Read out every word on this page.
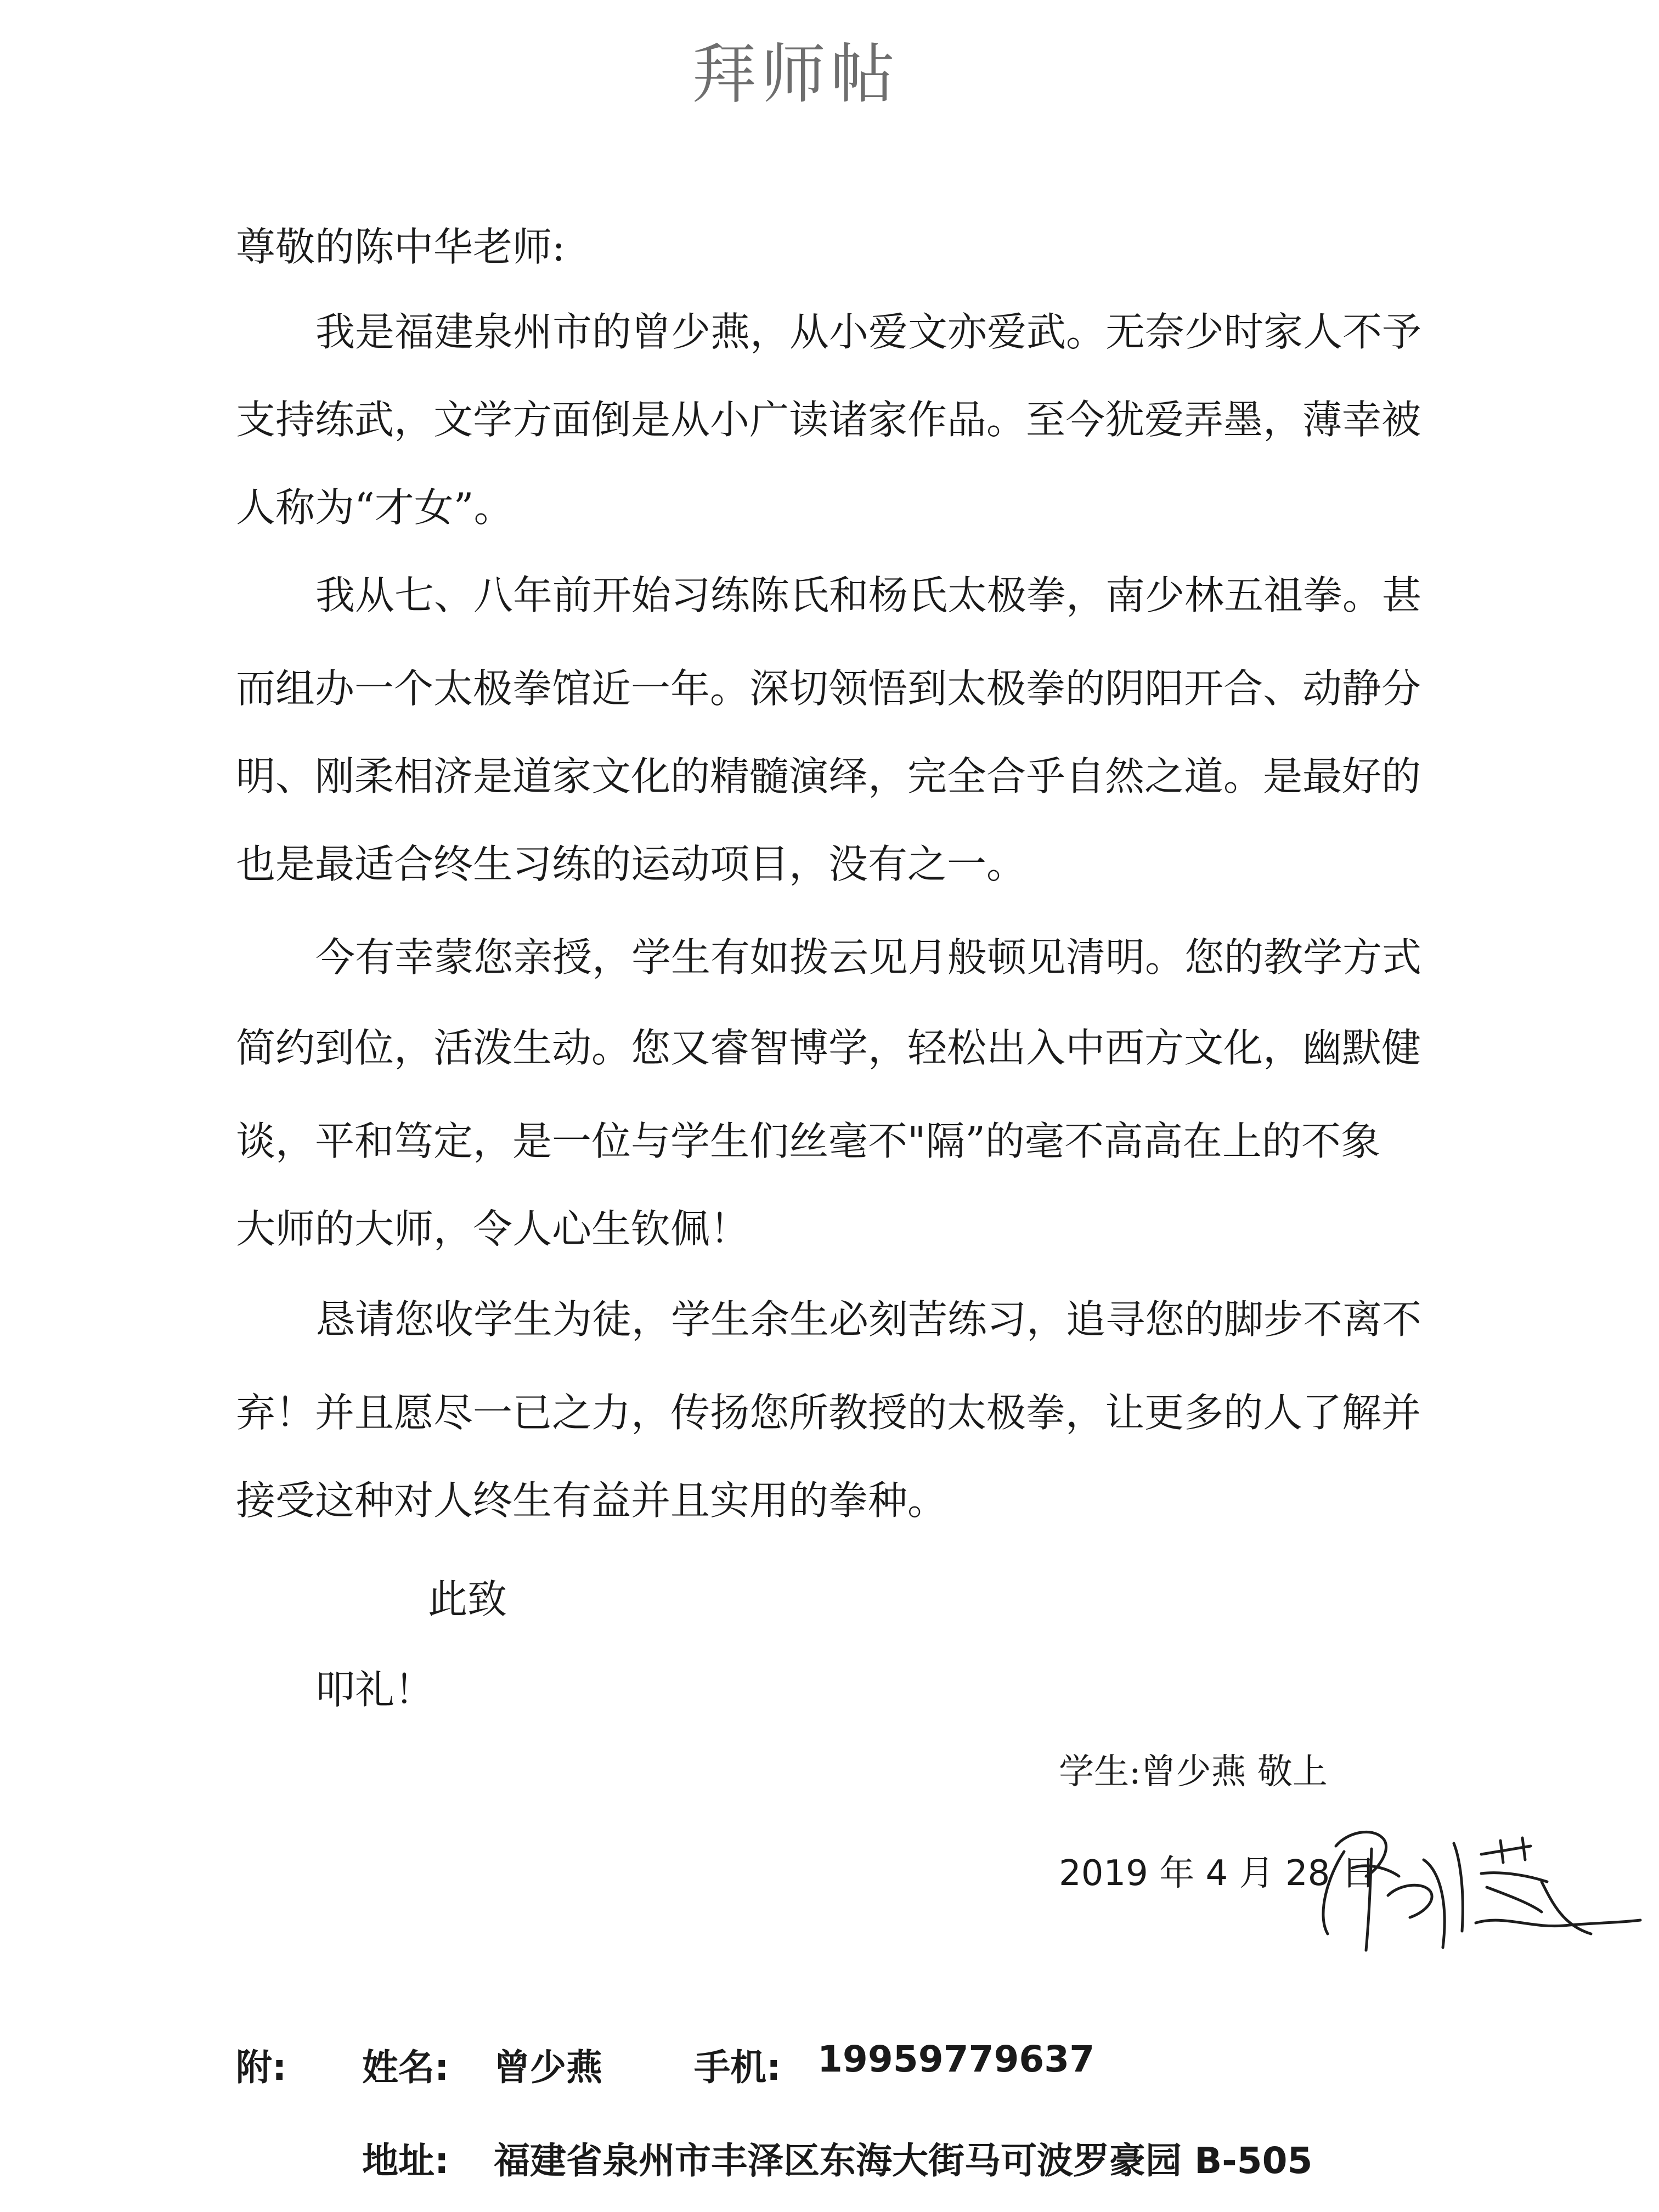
拜师帖
尊敬的陈中华老师:
我是福建泉州市的曾少燕，从小爱文亦爱武。无奈少时家人不予
支持练武，文学方面倒是从小广读诸家作品。至今犹爱弄墨，薄幸被
人称为“才女”。
我从七、八年前开始习练陈氏和杨氏太极拳，南少林五祖拳。甚
而组办一个太极拳馆近一年。深切领悟到太极拳的阴阳开合、动静分
明、刚柔相济是道家文化的精髓演绎，完全合乎自然之道。是最好的
也是最适合终生习练的运动项目，没有之一。
今有幸蒙您亲授，学生有如拨云见月般顿见清明。您的教学方式
简约到位，活泼生动。您又睿智博学，轻松出入中西方文化，幽默健
谈，平和笃定，是一位与学生们丝毫不"隔”的毫不高高在上的不象
大师的大师，令人心生钦佩！
恳请您收学生为徒，学生余生必刻苦练习，追寻您的脚步不离不
弃！并且愿尽一已之力，传扬您所教授的太极拳，让更多的人了解并
接受这种对人终生有益并且实用的拳种。
此致
叩礼！
学生:曾少燕 敬上
2019 年 4 月 28 日
附: 姓名: 曾少燕	手机: 19959779637
地址: 福建省泉州市丰泽区东海大街马可波罗豪园 B-505
